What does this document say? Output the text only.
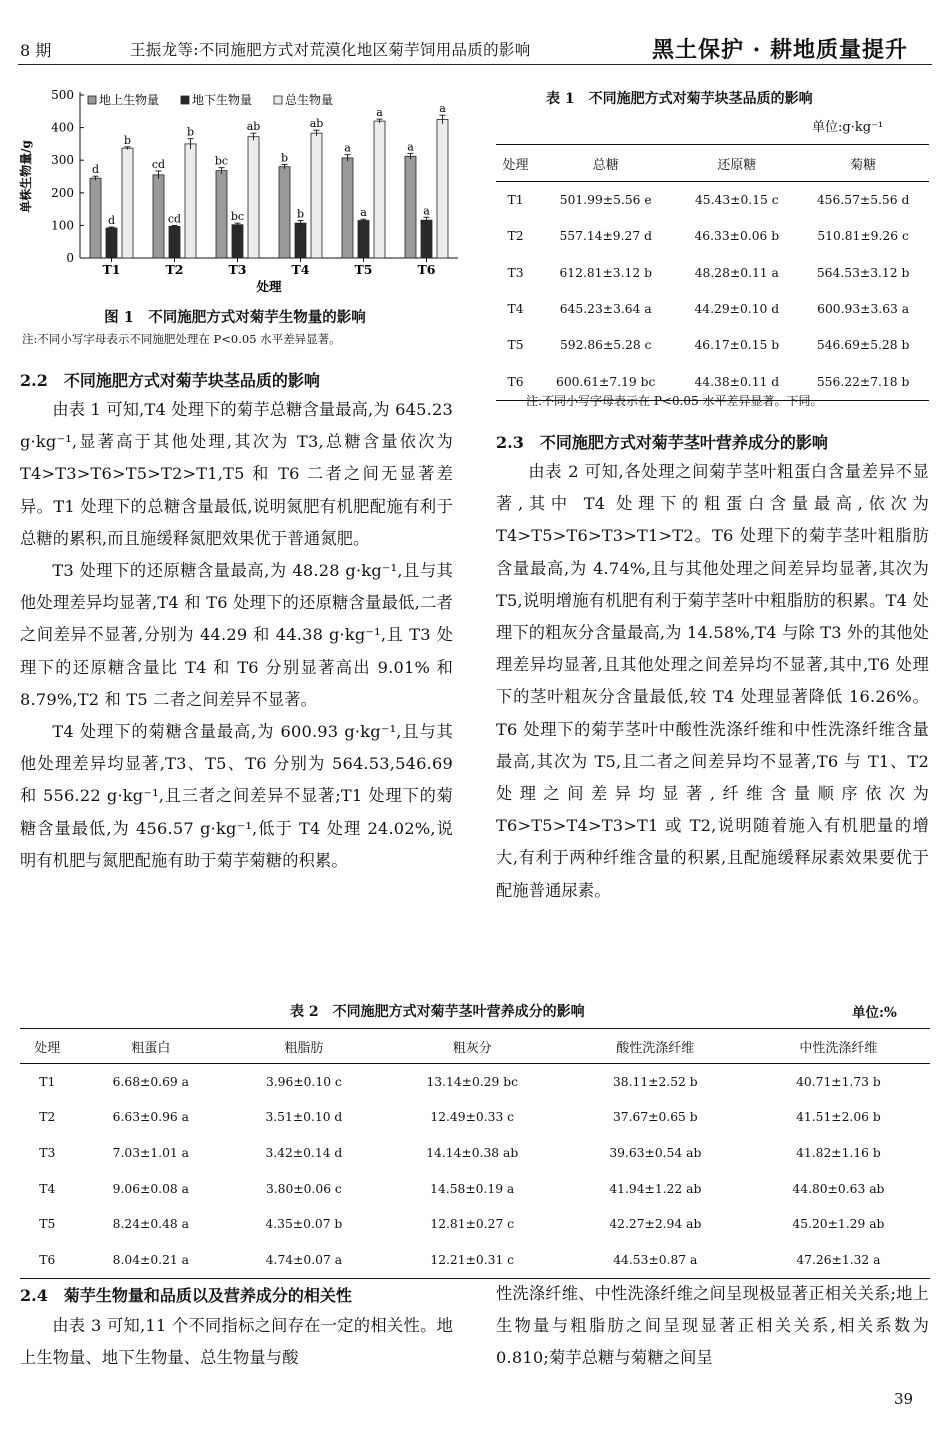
8 期	王振龙等:不同施肥方式对荒漠化地区菊芋饲用品质的影响	黑土保护 · 耕地质量提升
0
100
200
300
400
500
单株生物量/g
T1	T2	T3	T4	T5	T6
处理
d
d
b
cd
cd
b
bc
bc
ab
b
b
ab
a
a
a
a
a
a
地上生物量	地下生物量	总生物量
图 1　不同施肥方式对菊芋生物量的影响
注:不同小写字母表示不同施肥处理在 P<0.05 水平差异显著。
2.2　不同施肥方式对菊芋块茎品质的影响

由表 1 可知,T4 处理下的菊芋总糖含量最高,为 645.23 g·kg⁻¹,显著高于其他处理,其次为 T3,总糖含量依次为 T4>T3>T6>T5>T2>T1,T5 和 T6 二者之间无显著差异。T1 处理下的总糖含量最低,说明氮肥有机肥配施有利于总糖的累积,而且施缓释氮肥效果优于普通氮肥。

T3 处理下的还原糖含量最高,为 48.28 g·kg⁻¹,且与其他处理差异均显著,T4 和 T6 处理下的还原糖含量最低,二者之间差异不显著,分别为 44.29 和 44.38 g·kg⁻¹,且 T3 处理下的还原糖含量比 T4 和 T6 分别显著高出 9.01% 和 8.79%,T2 和 T5 二者之间差异不显著。

T4 处理下的菊糖含量最高,为 600.93 g·kg⁻¹,且与其他处理差异均显著,T3、T5、T6 分别为 564.53,546.69 和 556.22 g·kg⁻¹,且三者之间差异不显著;T1 处理下的菊糖含量最低,为 456.57 g·kg⁻¹,低于 T4 处理 24.02%,说明有机肥与氮肥配施有助于菊芋菊糖的积累。

表 1　不同施肥方式对菊芋块茎品质的影响
单位:g·kg⁻¹
处理	总糖	还原糖	菊糖
T1	501.99±5.56 e	45.43±0.15 c	456.57±5.56 d
T2	557.14±9.27 d	46.33±0.06 b	510.81±9.26 c
T3	612.81±3.12 b	48.28±0.11 a	564.53±3.12 b
T4	645.23±3.64 a	44.29±0.10 d	600.93±3.63 a
T5	592.86±5.28 c	46.17±0.15 b	546.69±5.28 b
T6	600.61±7.19 bc	44.38±0.11 d	556.22±7.18 b
注:不同小写字母表示在 P<0.05 水平差异显著。下同。
2.3　不同施肥方式对菊芋茎叶营养成分的影响

由表 2 可知,各处理之间菊芋茎叶粗蛋白含量差异不显著,其中 T4 处理下的粗蛋白含量最高,依次为 T4>T5>T6>T3>T1>T2。T6 处理下的菊芋茎叶粗脂肪含量最高,为 4.74%,且与其他处理之间差异均显著,其次为 T5,说明增施有机肥有利于菊芋茎叶中粗脂肪的积累。T4 处理下的粗灰分含量最高,为 14.58%,T4 与除 T3 外的其他处理差异均显著,且其他处理之间差异均不显著,其中,T6 处理下的茎叶粗灰分含量最低,较 T4 处理显著降低 16.26%。T6 处理下的菊芋茎叶中酸性洗涤纤维和中性洗涤纤维含量最高,其次为 T5,且二者之间差异均不显著,T6 与 T1、T2 处理之间差异均显著,纤维含量顺序依次为 T6>T5>T4>T3>T1 或 T2,说明随着施入有机肥量的增大,有利于两种纤维含量的积累,且配施缓释尿素效果要优于配施普通尿素。

表 2　不同施肥方式对菊芋茎叶营养成分的影响	单位:%
处理	粗蛋白	粗脂肪	粗灰分	酸性洗涤纤维	中性洗涤纤维
T1	6.68±0.69 a	3.96±0.10 c	13.14±0.29 bc	38.11±2.52 b	40.71±1.73 b
T2	6.63±0.96 a	3.51±0.10 d	12.49±0.33 c	37.67±0.65 b	41.51±2.06 b
T3	7.03±1.01 a	3.42±0.14 d	14.14±0.38 ab	39.63±0.54 ab	41.82±1.16 b
T4	9.06±0.08 a	3.80±0.06 c	14.58±0.19 a	41.94±1.22 ab	44.80±0.63 ab
T5	8.24±0.48 a	4.35±0.07 b	12.81±0.27 c	42.27±2.94 ab	45.20±1.29 ab
T6	8.04±0.21 a	4.74±0.07 a	12.21±0.31 c	44.53±0.87 a	47.26±1.32 a
2.4　菊芋生物量和品质以及营养成分的相关性

由表 3 可知,11 个不同指标之间存在一定的相关性。地上生物量、地下生物量、总生物量与酸

性洗涤纤维、中性洗涤纤维之间呈现极显著正相关关系;地上生物量与粗脂肪之间呈现显著正相关关系,相关系数为 0.810;菊芋总糖与菊糖之间呈

39
